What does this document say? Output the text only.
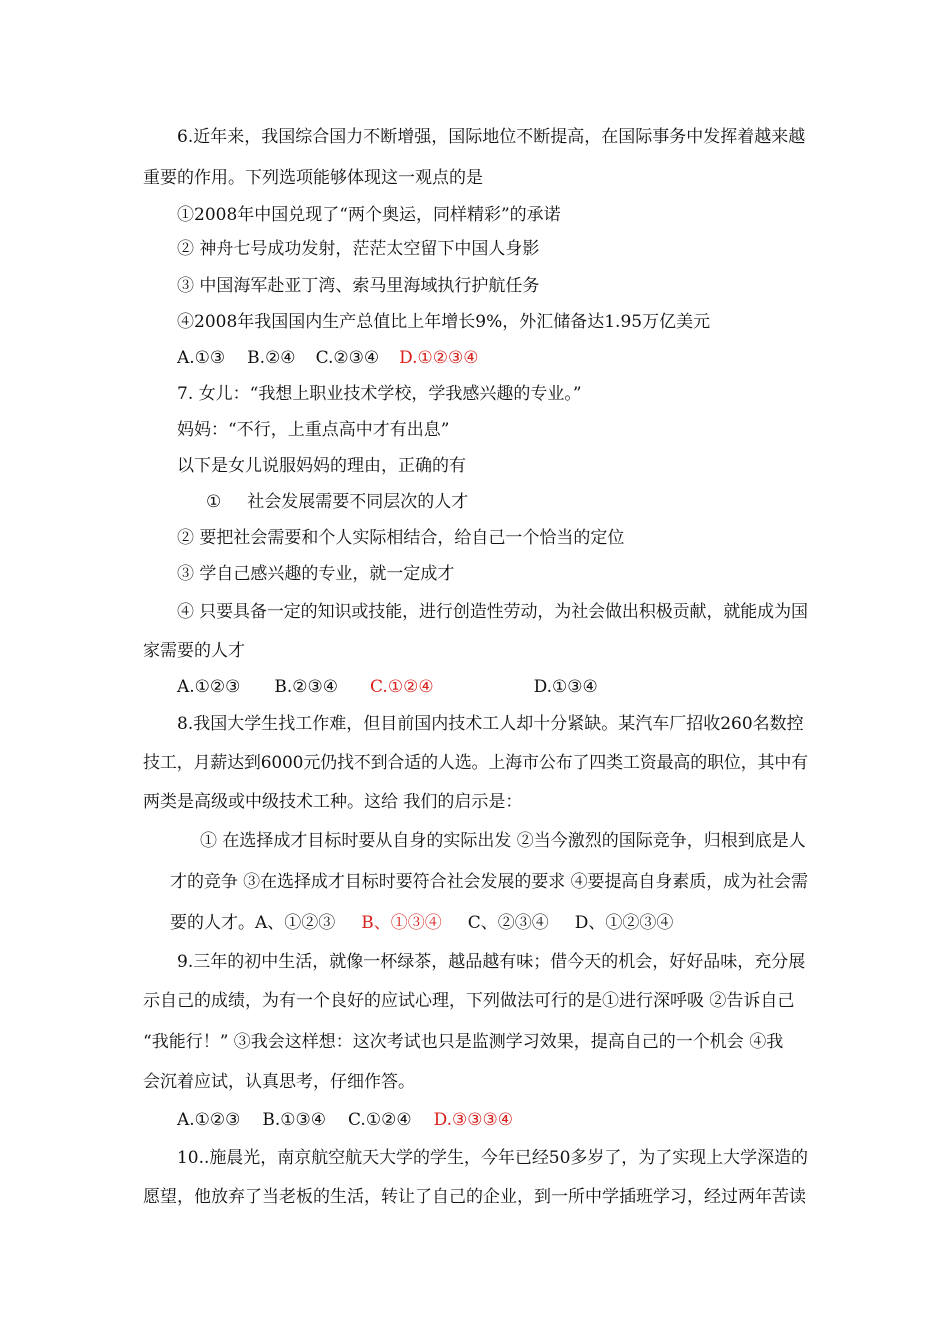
6.近年来，我国综合国力不断增强，国际地位不断提高，在国际事务中发挥着越来越
重要的作用。下列选项能够体现这一观点的是
①2008年中国兑现了“两个奥运，同样精彩”的承诺
② 神舟七号成功发射，茫茫太空留下中国人身影
③ 中国海军赴亚丁湾、索马里海域执行护航任务
④2008年我国国内生产总值比上年增长9%，外汇储备达1.95万亿美元
A.①③ B.②④ C.②③④ D.①②③④
7. 女儿：“我想上职业技术学校，学我感兴趣的专业。”
妈妈：“不行，上重点高中才有出息”
以下是女儿说服妈妈的理由，正确的有
① 社会发展需要不同层次的人才
② 要把社会需要和个人实际相结合，给自己一个恰当的定位
③ 学自己感兴趣的专业，就一定成才
④ 只要具备一定的知识或技能，进行创造性劳动，为社会做出积极贡献，就能成为国
家需要的人才
A.①②③ B.②③④ C.①②④	D.①③④
8.我国大学生找工作难，但目前国内技术工人却十分紧缺。某汽车厂招收260名数控
技工，月薪达到6000元仍找不到合适的人选。上海市公布了四类工资最高的职位，其中有
两类是高级或中级技术工种。这给 我们的启示是：
① 在选择成才目标时要从自身的实际出发 ②当今激烈的国际竞争，归根到底是人
才的竞争 ③在选择成才目标时要符合社会发展的要求 ④要提高自身素质，成为社会需
要的人才。A、①②③ B、①③④ C、②③④ D、①②③④
9.三年的初中生活，就像一杯绿茶，越品越有味；借今天的机会，好好品味，充分展
示自己的成绩，为有一个良好的应试心理，下列做法可行的是①进行深呼吸 ②告诉自己
“我能行！” ③我会这样想：这次考试也只是监测学习效果，提高自己的一个机会 ④我
会沉着应试，认真思考，仔细作答。
A.①②③ B.①③④ C.①②④ D.③③③④
10..施晨光，南京航空航天大学的学生，今年已经50多岁了，为了实现上大学深造的
愿望，他放弃了当老板的生活，转让了自己的企业，到一所中学插班学习，经过两年苦读
